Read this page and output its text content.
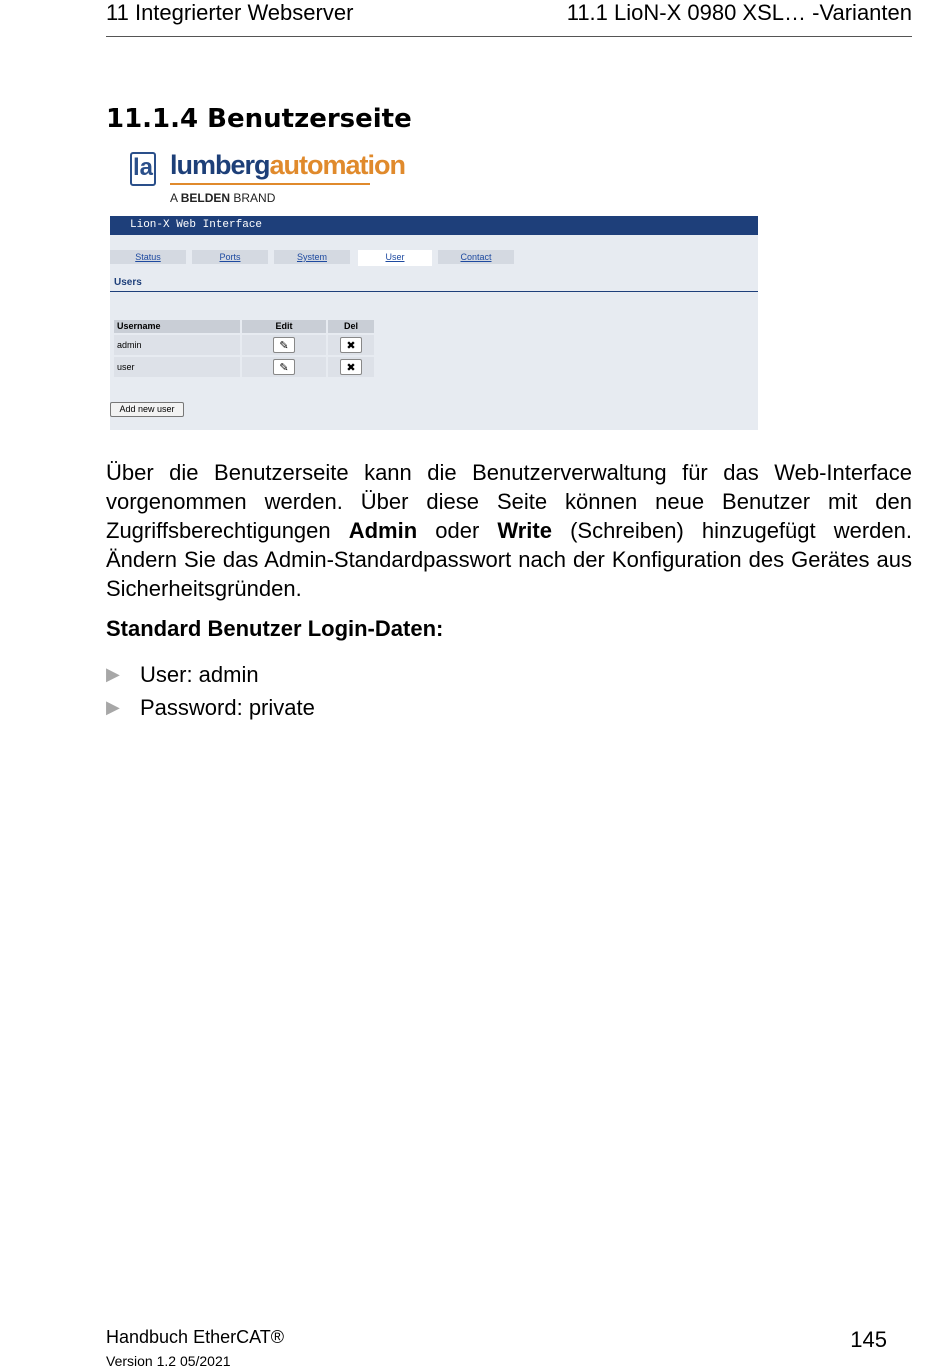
11 Integrierter Webserver	11.1 LioN-X 0980 XSL… -Varianten
11.1.4 Benutzerseite
la lumbergautomation
A BELDEN BRAND
Lion-X Web Interface
Status	Ports	System	User	Contact
Users
Username	Edit	Del
admin	✎	✖
user	✎	✖
Add new user

Über die Benutzerseite kann die Benutzerverwaltung für das Web-Interface vorgenommen werden. Über diese Seite können neue Benutzer mit den Zugriffsberechtigungen Admin oder Write (Schreiben) hinzugefügt werden. Ändern Sie das Admin-Standardpasswort nach der Konfiguration des Gerätes aus Sicherheitsgründen.

Standard Benutzer Login-Daten:
▶ User: admin
▶ Password: private
Handbuch EtherCAT®
Version 1.2 05/2021
145
